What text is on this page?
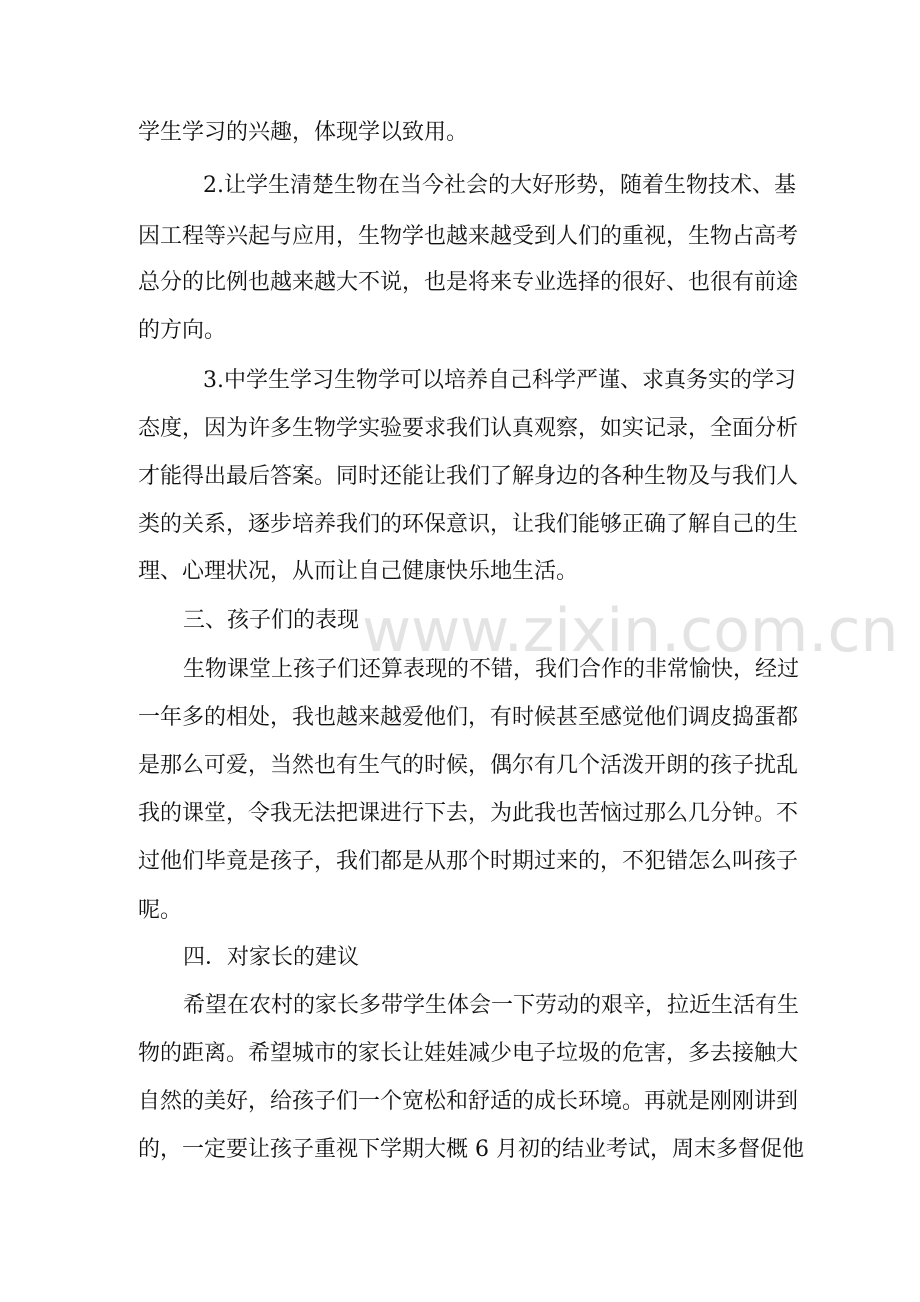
www.zixin.com.cn
学生学习的兴趣，体现学以致用。
2.让学生清楚生物在当今社会的大好形势，随着生物技术、基
因工程等兴起与应用，生物学也越来越受到人们的重视，生物占高考
总分的比例也越来越大不说，也是将来专业选择的很好、也很有前途
的方向。
3.中学生学习生物学可以培养自己科学严谨、求真务实的学习
态度，因为许多生物学实验要求我们认真观察，如实记录，全面分析
才能得出最后答案。同时还能让我们了解身边的各种生物及与我们人
类的关系，逐步培养我们的环保意识，让我们能够正确了解自己的生
理、心理状况，从而让自己健康快乐地生活。
三、孩子们的表现
生物课堂上孩子们还算表现的不错，我们合作的非常愉快，经过
一年多的相处，我也越来越爱他们，有时候甚至感觉他们调皮捣蛋都
是那么可爱，当然也有生气的时候，偶尔有几个活泼开朗的孩子扰乱
我的课堂，令我无法把课进行下去，为此我也苦恼过那么几分钟。不
过他们毕竟是孩子，我们都是从那个时期过来的，不犯错怎么叫孩子
呢。
四．对家长的建议
希望在农村的家长多带学生体会一下劳动的艰辛，拉近生活有生
物的距离。希望城市的家长让娃娃减少电子垃圾的危害，多去接触大
自然的美好，给孩子们一个宽松和舒适的成长环境。再就是刚刚讲到
的，一定要让孩子重视下学期大概 6 月初的结业考试，周末多督促他
